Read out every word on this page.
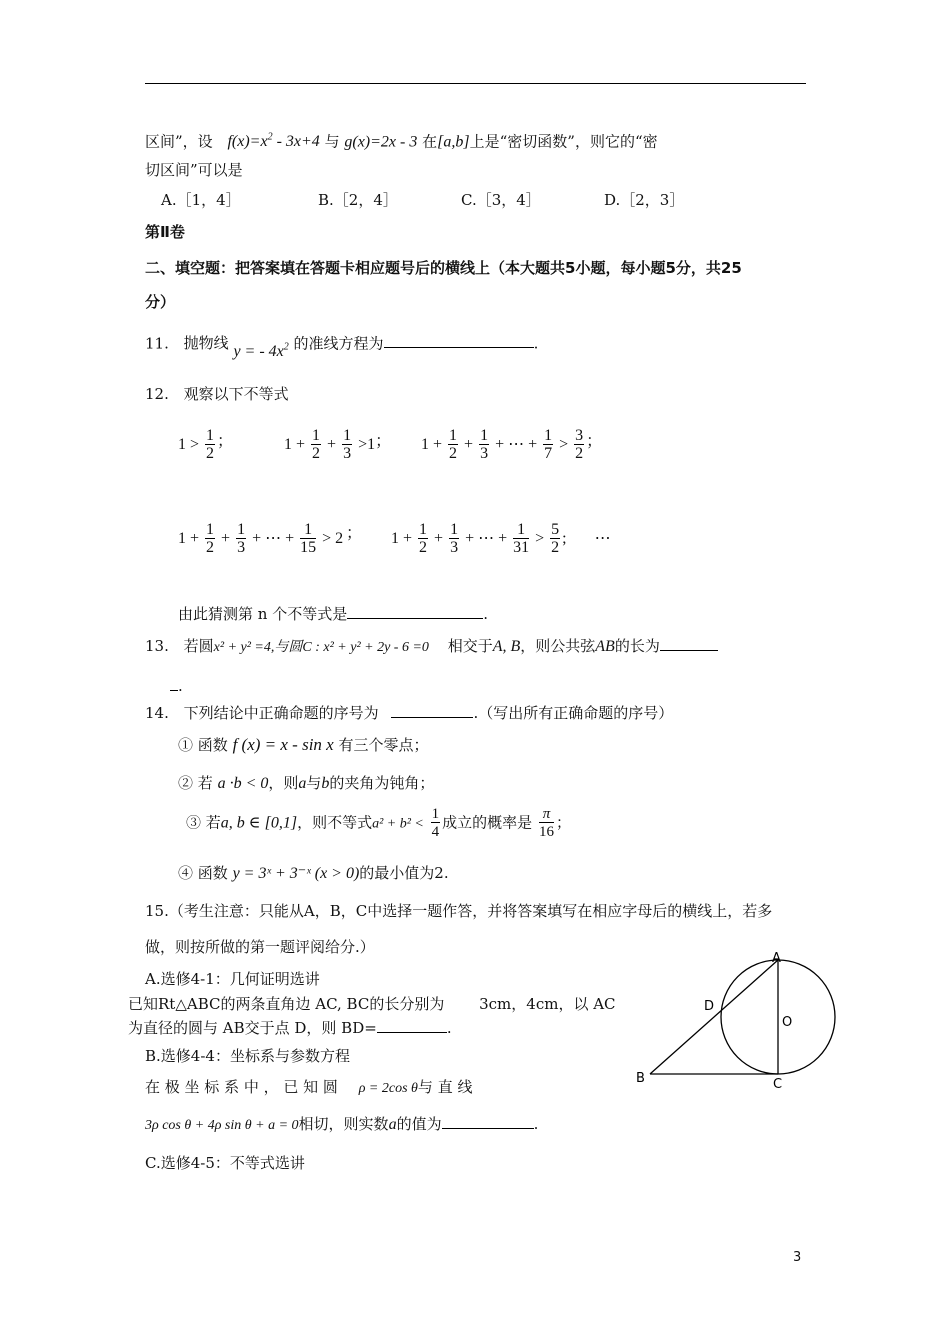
区间”，设 $f(x)=x^2 - 3x+4$ 与 g(x)=2x - 3 在[a,b]上是“密切函数”，则它的“密
切区间”可以是
A.［1，4］	B.［2，4］	C.［3，4］	D.［2，3］
第Ⅱ卷
二、填空题：把答案填在答题卡相应题号后的横线上（本大题共5小题，每小题5分，共25
分）
11. 抛物线 y = - $4x^2$ 的准线方程为	.
12. 观察以下不等式
$1 > \frac{1}{2}$ ；	$1 + \frac{1}{2} + \frac{1}{3} >1$； $1 + \frac{1}{2} + \frac{1}{3}$ + ⋯ + $\frac{1}{7} > \frac{3}{2}$ ；
$1 + \frac{1}{2} + \frac{1}{3}$ + ⋯ + $\frac{1}{15} > 2$ ； $1 + \frac{1}{2} + \frac{1}{3}$ + ⋯ + $\frac{1}{31} > \frac{5}{2}$ ; ⋯
由此猜测第 n 个不等式是	.
13. 若圆x² + y² =4,与圆C : x² + y² + 2y - 6 =0 相交于A, B，则公共弦AB的长为
.
14. 下列结论中正确命题的序号为	.（写出所有正确命题的序号）
① 函数 f (x) = x - sin x 有三个零点；
② 若 a ·b < 0，则a与b的夹角为钝角；
③ 若a, b ∈ [0,1]，则不等式$a^2 + b^2 < \frac{1}{4}$ 成立的概率是 $\frac{\pi}{16}$ ；
④ 函数 y = 3ˣ + 3⁻ˣ (x > 0)的最小值为2.
15.（考生注意：只能从A，B，C中选择一题作答，并将答案填写在相应字母后的横线上，若多
做，则按所做的第一题评阅给分.）
A.选修4-1：几何证明选讲
已知Rt△ABC的两条直角边 AC, BC的长分别为 3cm，4cm，以 AC
为直径的圆与 AB交于点 D，则 BD=	.
B.选修4-4：坐标系与参数方程
在 极 坐 标 系 中 ， 已 知 圆 ρ = 2cos θ与 直 线
3ρ cos θ + 4ρ sin θ + a = 0相切，则实数a的值为	.
C.选修4-5：不等式选讲
A
B	C
D
O
3
